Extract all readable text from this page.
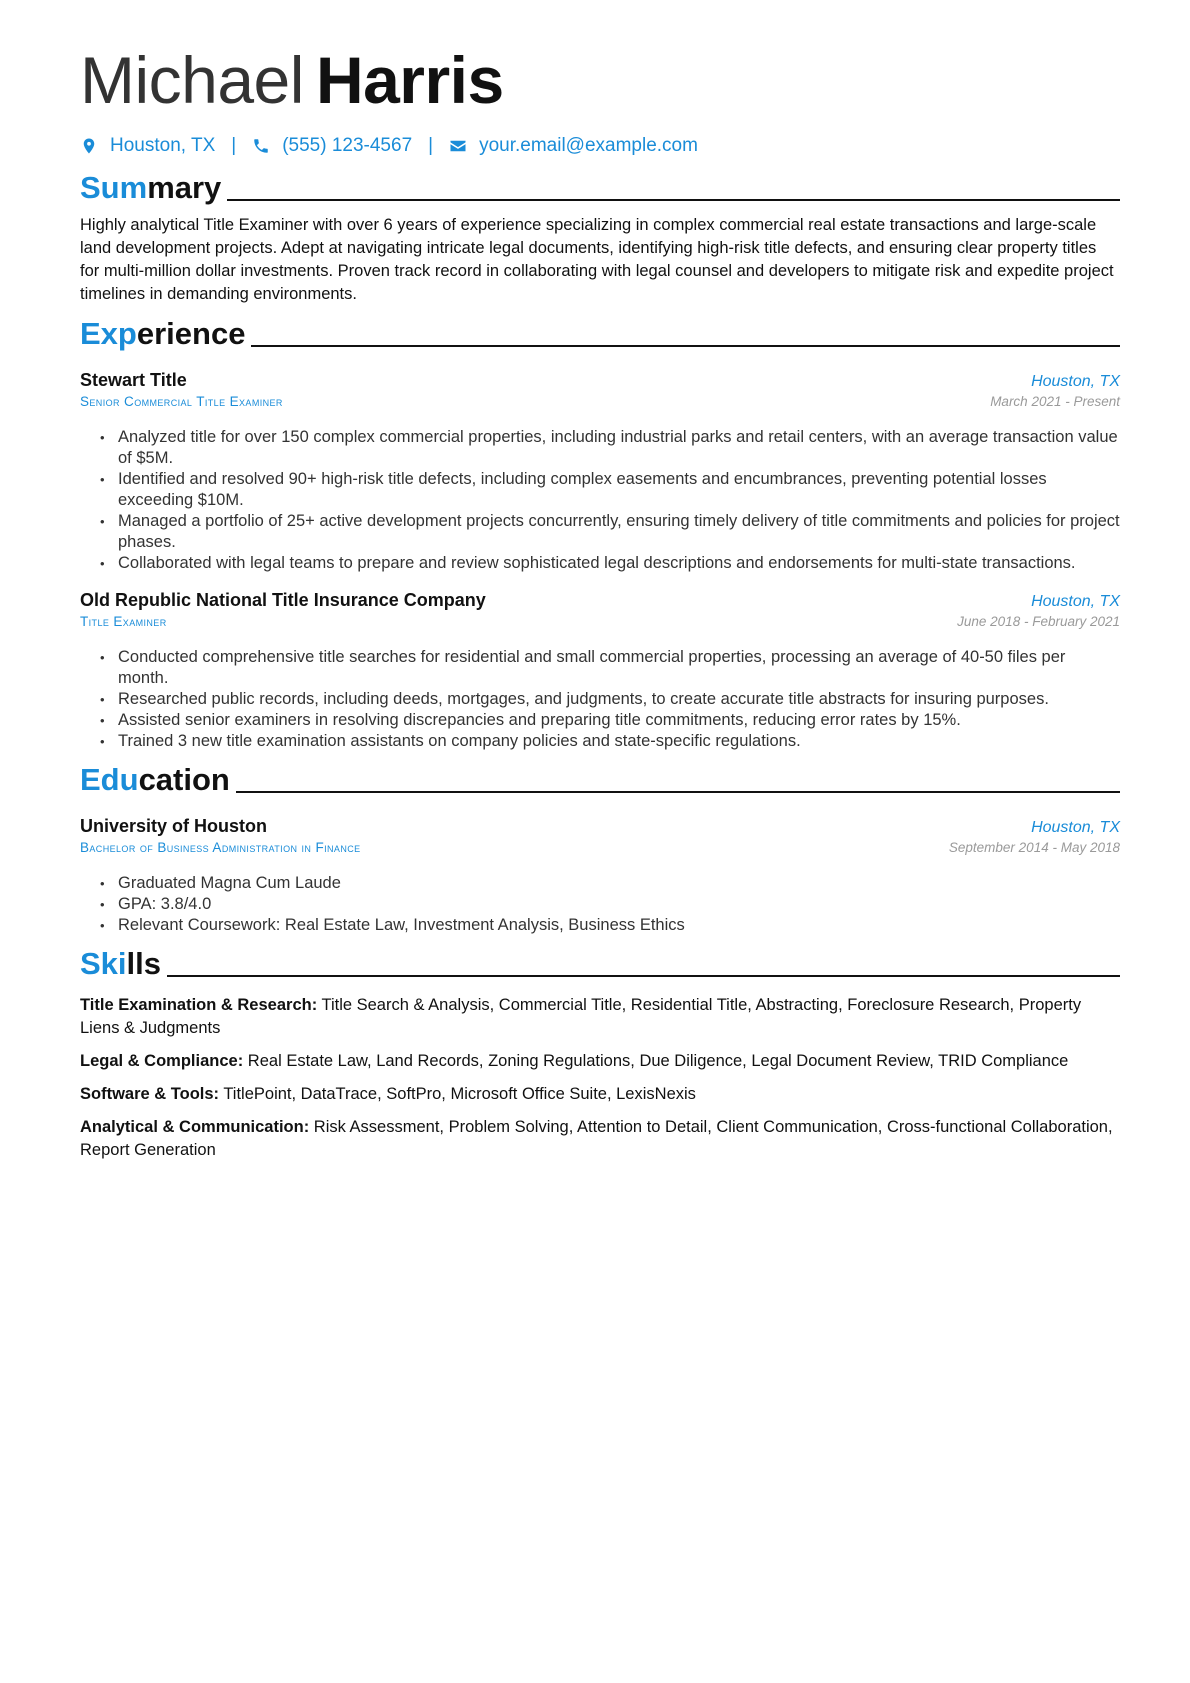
Michael Harris
Houston, TX | (555) 123-4567 | your.email@example.com
Summary
Highly analytical Title Examiner with over 6 years of experience specializing in complex commercial real estate transactions and large-scale land development projects. Adept at navigating intricate legal documents, identifying high-risk title defects, and ensuring clear property titles for multi-million dollar investments. Proven track record in collaborating with legal counsel and developers to mitigate risk and expedite project timelines in demanding environments.
Experience
Stewart Title	Houston, TX
Senior Commercial Title Examiner	March 2021 - Present
• Analyzed title for over 150 complex commercial properties, including industrial parks and retail centers, with an average transaction value of $5M.
• Identified and resolved 90+ high-risk title defects, including complex easements and encumbrances, preventing potential losses exceeding $10M.
• Managed a portfolio of 25+ active development projects concurrently, ensuring timely delivery of title commitments and policies for project phases.
• Collaborated with legal teams to prepare and review sophisticated legal descriptions and endorsements for multi-state transactions.
Old Republic National Title Insurance Company	Houston, TX
Title Examiner	June 2018 - February 2021
• Conducted comprehensive title searches for residential and small commercial properties, processing an average of 40-50 files per month.
• Researched public records, including deeds, mortgages, and judgments, to create accurate title abstracts for insuring purposes.
• Assisted senior examiners in resolving discrepancies and preparing title commitments, reducing error rates by 15%.
• Trained 3 new title examination assistants on company policies and state-specific regulations.
Education
University of Houston	Houston, TX
Bachelor of Business Administration in Finance	September 2014 - May 2018
• Graduated Magna Cum Laude
• GPA: 3.8/4.0
• Relevant Coursework: Real Estate Law, Investment Analysis, Business Ethics
Skills
Title Examination & Research: Title Search & Analysis, Commercial Title, Residential Title, Abstracting, Foreclosure Research, Property Liens & Judgments
Legal & Compliance: Real Estate Law, Land Records, Zoning Regulations, Due Diligence, Legal Document Review, TRID Compliance
Software & Tools: TitlePoint, DataTrace, SoftPro, Microsoft Office Suite, LexisNexis
Analytical & Communication: Risk Assessment, Problem Solving, Attention to Detail, Client Communication, Cross-functional Collaboration, Report Generation
